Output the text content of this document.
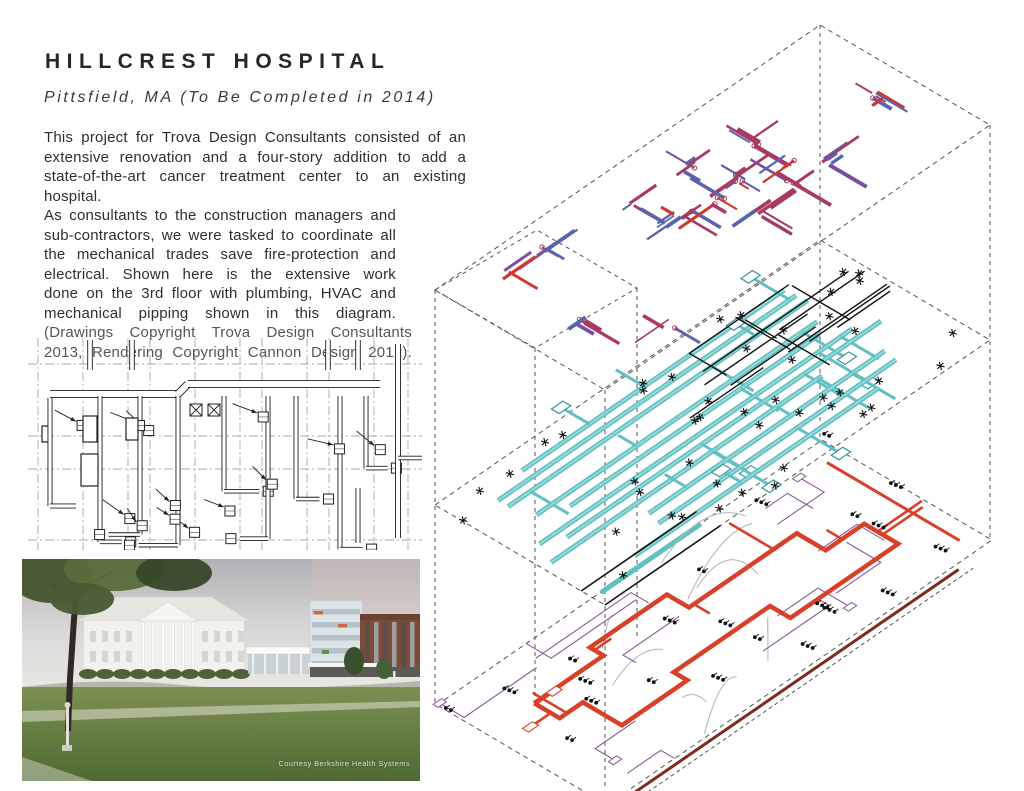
HILLCREST HOSPITAL
Pittsfield, MA (To Be Completed in 2014)

This project for Trova Design Consultants consisted of an extensive renovation and a four-story addition to add a state-of-the-art cancer treatment center to an existing hospital.

As consultants to the construction managers and sub-contractors, we were tasked to coordinate all the mechanical trades save fire-protection and electrical. Shown here is the extensive work done on the 3rd floor with plumbing, HVAC and mechanical pipping shown in this diagram.

(Drawings Copyright Trova Design Consultants 2013, Rendering Copyright Cannon Design 2012).

Courtesy Berkshire Health Systems
